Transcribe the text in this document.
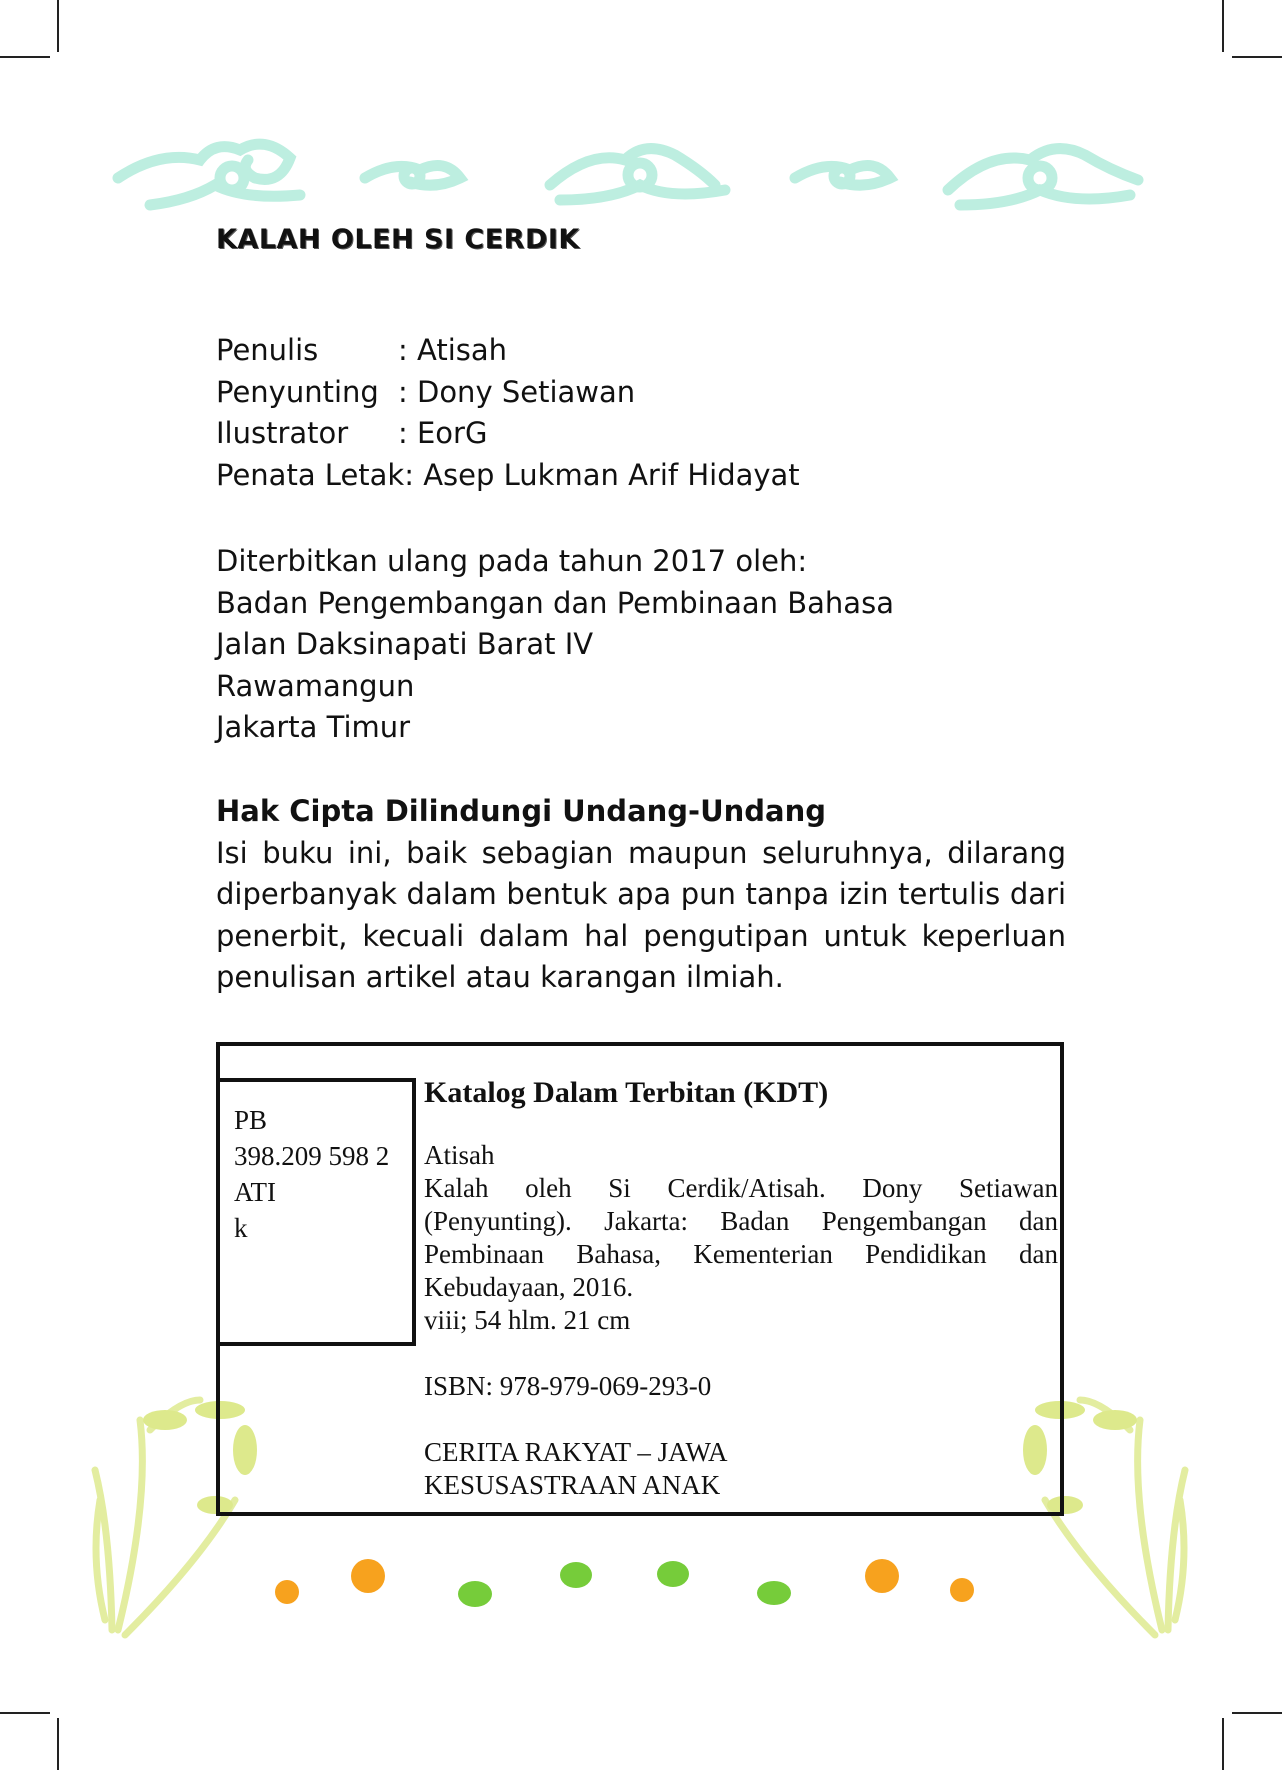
KALAH OLEH SI CERDIK
Penulis	: Atisah
Penyunting : Dony Setiawan
Ilustrator	: EorG
Penata Letak : Asep Lukman Arif Hidayat
Diterbitkan ulang pada tahun 2017 oleh:
Badan Pengembangan dan Pembinaan Bahasa
Jalan Daksinapati Barat IV
Rawamangun
Jakarta Timur
Hak Cipta Dilindungi Undang-Undang
Isi buku ini, baik sebagian maupun seluruhnya, dilarang diperbanyak dalam bentuk apa pun tanpa izin tertulis dari penerbit, kecuali dalam hal pengutipan untuk keperluan penulisan artikel atau karangan ilmiah.
PB
398.209 598 2
ATI
k
Katalog Dalam Terbitan (KDT)
Atisah
Kalah oleh Si Cerdik/Atisah. Dony Setiawan (Penyunting). Jakarta: Badan Pengembangan dan Pembinaan Bahasa, Kementerian Pendidikan dan Kebudayaan, 2016.
viii; 54 hlm. 21 cm
ISBN: 978-979-069-293-0
CERITA RAKYAT – JAWA
KESUSASTRAAN ANAK
